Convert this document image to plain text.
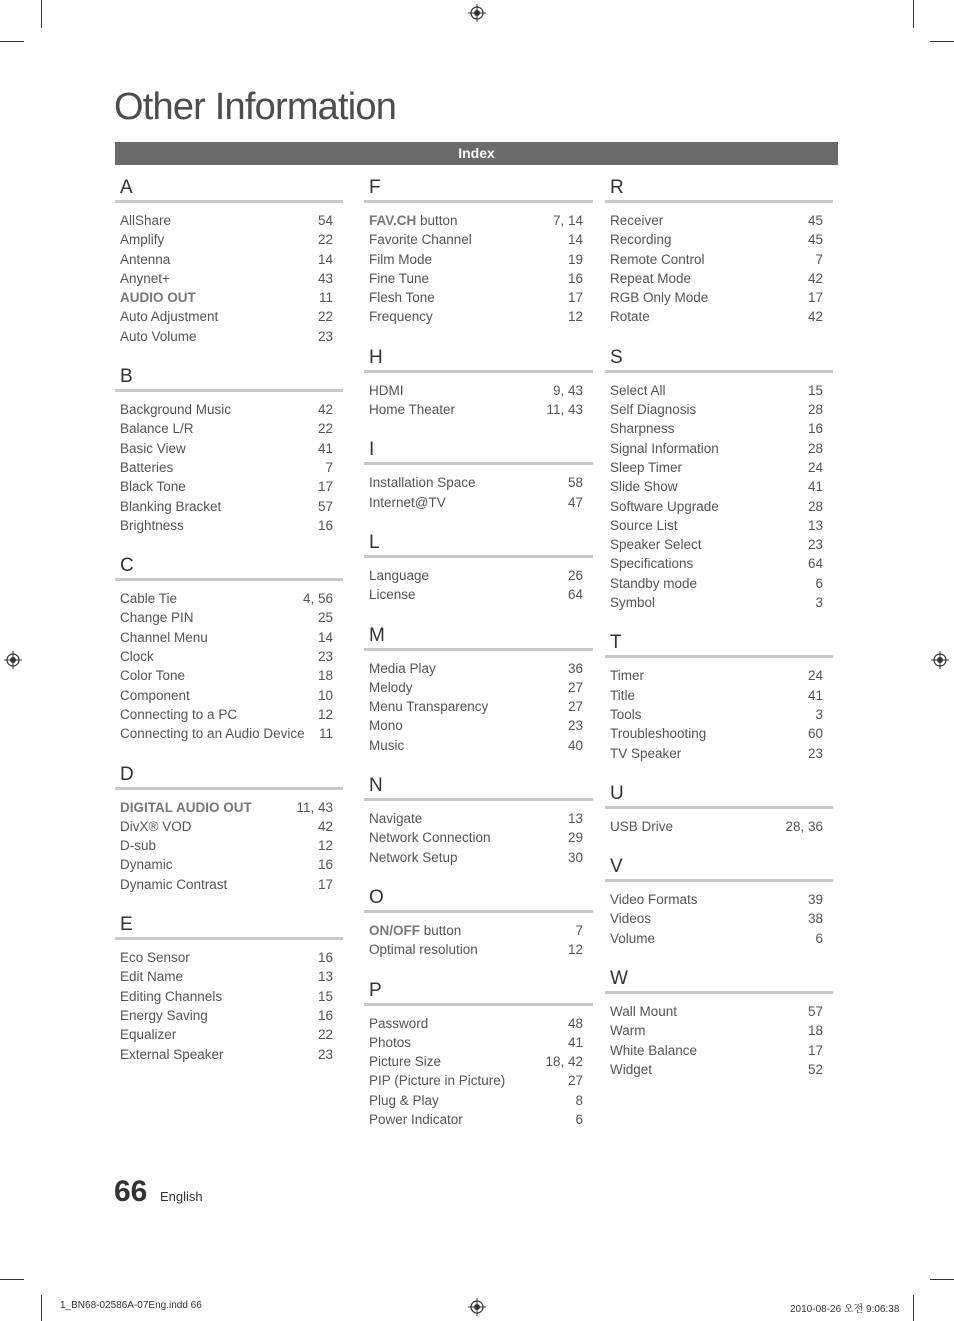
Other Information
Index
A
AllShare	54
Amplify	22
Antenna	14
Anynet+	43
AUDIO OUT	11
Auto Adjustment	22
Auto Volume	23
B
Background Music	42
Balance L/R	22
Basic View	41
Batteries	7
Black Tone	17
Blanking Bracket	57
Brightness	16
C
Cable Tie	4, 56
Change PIN	25
Channel Menu	14
Clock	23
Color Tone	18
Component	10
Connecting to a PC	12
Connecting to an Audio Device 11
D
DIGITAL AUDIO OUT	11, 43
DivX® VOD	42
D-sub	12
Dynamic	16
Dynamic Contrast	17
E
Eco Sensor	16
Edit Name	13
Editing Channels	15
Energy Saving	16
Equalizer	22
External Speaker	23
F
FAV.CH button	7, 14
Favorite Channel	14
Film Mode	19
Fine Tune	16
Flesh Tone	17
Frequency	12
H
HDMI	9, 43
Home Theater	11, 43
I
Installation Space	58
Internet@TV	47
L
Language	26
License	64
M
Media Play	36
Melody	27
Menu Transparency	27
Mono	23
Music	40
N
Navigate	13
Network Connection	29
Network Setup	30
O
ON/OFF button	7
Optimal resolution	12
P
Password	48
Photos	41
Picture Size	18, 42
PIP (Picture in Picture)	27
Plug & Play	8
Power Indicator	6
R
Receiver	45
Recording	45
Remote Control	7
Repeat Mode	42
RGB Only Mode	17
Rotate	42
S
Select All	15
Self Diagnosis	28
Sharpness	16
Signal Information	28
Sleep Timer	24
Slide Show	41
Software Upgrade	28
Source List	13
Speaker Select	23
Specifications	64
Standby mode	6
Symbol	3
T
Timer	24
Title	41
Tools	3
Troubleshooting	60
TV Speaker	23
U
USB Drive	28, 36
V
Video Formats	39
Videos	38
Volume	6
W
Wall Mount	57
Warm	18
White Balance	17
Widget	52
66 English
1_BN68-02586A-07Eng.indd 66	2010-08-26 오전 9:06:38
